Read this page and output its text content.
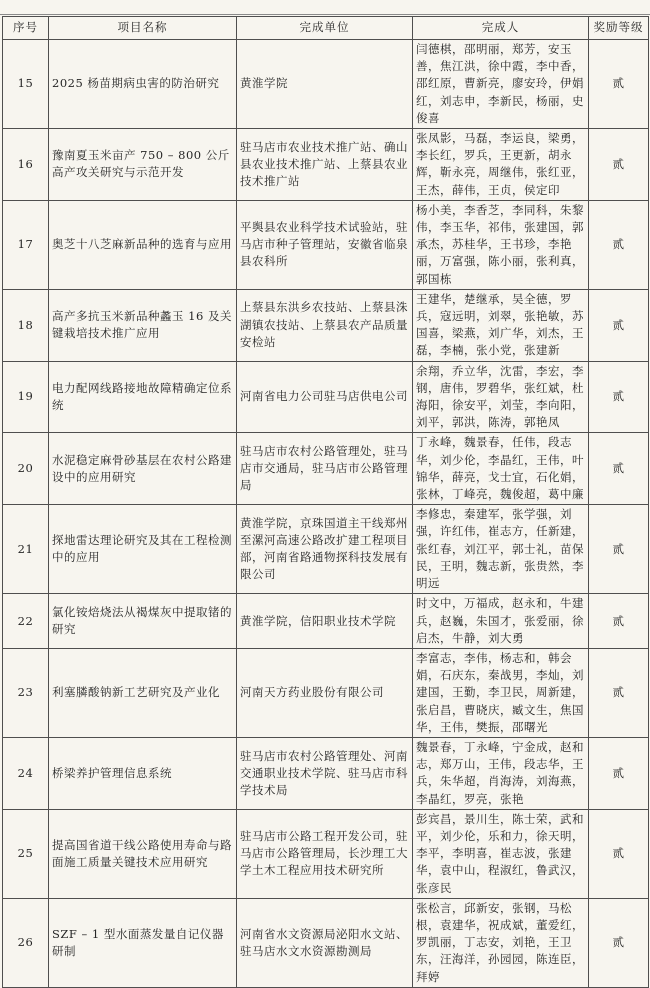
序号	项目名称	完成单位	完成人	奖励等级
15	2025 杨苗期病虫害的防治研究	黄淮学院	闫德棋，邵明丽，郑芳，安玉善，焦江洪，徐中霞，李中香，邵红原，曹新亮，廖安玲，伊娟红，刘志申，李新民，杨丽，史俊喜	贰
16	豫南夏玉米亩产 750 – 800 公斤高产攻关研究与示范开发	驻马店市农业技术推广站、确山县农业技术推广站、上蔡县农业技术推广站	张凤影，马磊，李运良，梁勇，李长红，罗兵，王更新，胡永辉，靳永亮，周继伟，张红亚，王杰，薛伟，王贞，侯定印	贰
17	奥芝十八芝麻新品种的选育与应用	平舆县农业科学技术试验站，驻马店市种子管理站，安徽省临泉县农科所	杨小美，李香芝，李同科，朱黎伟，李玉华，祁伟，张建国，郭承杰，苏桂华，王书珍，李艳丽，万富强，陈小丽，张利真，郭国栋	贰
18	高产多抗玉米新品种蠡玉 16 及关键栽培技术推广应用	上蔡县东洪乡农技站、上蔡县洙湖镇农技站、上蔡县农产品质量安检站	王建华，楚继承，吴全德，罗兵，寇远明，刘翠，张艳敏，苏国喜，梁燕，刘广华，刘杰，王磊，李楠，张小党，张建新	贰
19	电力配网线路接地故障精确定位系统	河南省电力公司驻马店供电公司	余翔，乔立华，沈雷，李宏，李钢，唐伟，罗碧华，张红斌，杜海阳，徐安平，刘莹，李向阳，刘平，郭洪，陈涛，郭艳凤	贰
20	水泥稳定麻骨砂基层在农村公路建设中的应用研究	驻马店市农村公路管理处，驻马店市交通局，驻马店市公路管理局	丁永峰，魏景春，任伟，段志华，刘少伦，李晶红，王伟，叶锦华，薛亮，戈士宜，石化娟，张林，丁峰亮，魏俊超，葛中廉	贰
21	探地雷达理论研究及其在工程检测中的应用	黄淮学院，京珠国道主干线郑州至漯河高速公路改扩建工程项目部，河南省路通物探科技发展有限公司	李修忠，秦建军，张学强，刘强，许红伟，崔志方，任新建，张红春，刘江平，郭士礼，苗保民，王明，魏志新，张贵然，李明远	贰
22	氯化铵焙烧法从褐煤灰中提取锗的研究	黄淮学院，信阳职业技术学院	时文中，万福成，赵永和，牛建兵，赵巍，朱国才，张爱丽，徐启杰，牛静，刘大勇	贰
23	利塞膦酸钠新工艺研究及产业化	河南天方药业股份有限公司	李富志，李伟，杨志和，韩会娟，石庆东，秦战男，李灿，刘建国，王勤，李卫民，周新建，张启昌，曹晓庆，臧文生，焦国华，王伟，樊振，邵曙光	贰
24	桥梁养护管理信息系统	驻马店市农村公路管理处、河南交通职业技术学院、驻马店市科学技术局	魏景春，丁永峰，宁金成，赵和志，郑万山，王伟，段志华，王兵，朱华超，肖海涛，刘海燕，李晶红，罗亮，张艳	贰
25	提高国省道干线公路使用寿命与路面施工质量关键技术应用研究	驻马店市公路工程开发公司，驻马店市公路管理局，长沙理工大学土木工程应用技术研究所	彭宾昌，景川生，陈士荣，武和平，刘少伦，乐和力，徐天明，李平，李明喜，崔志波，张建华，袁中山，程淑红，鲁武汉，张彦民	贰
26	SZF – 1 型水面蒸发量自记仪器研制	河南省水文资源局泌阳水文站、驻马店水文水资源勘测局	张松言，邱新安，张钢，马松根，袁建华，祝成斌，董爱红，罗凯丽，丁志安，刘艳，王卫东，汪海洋，孙园园，陈连臣，拜婷	贰
